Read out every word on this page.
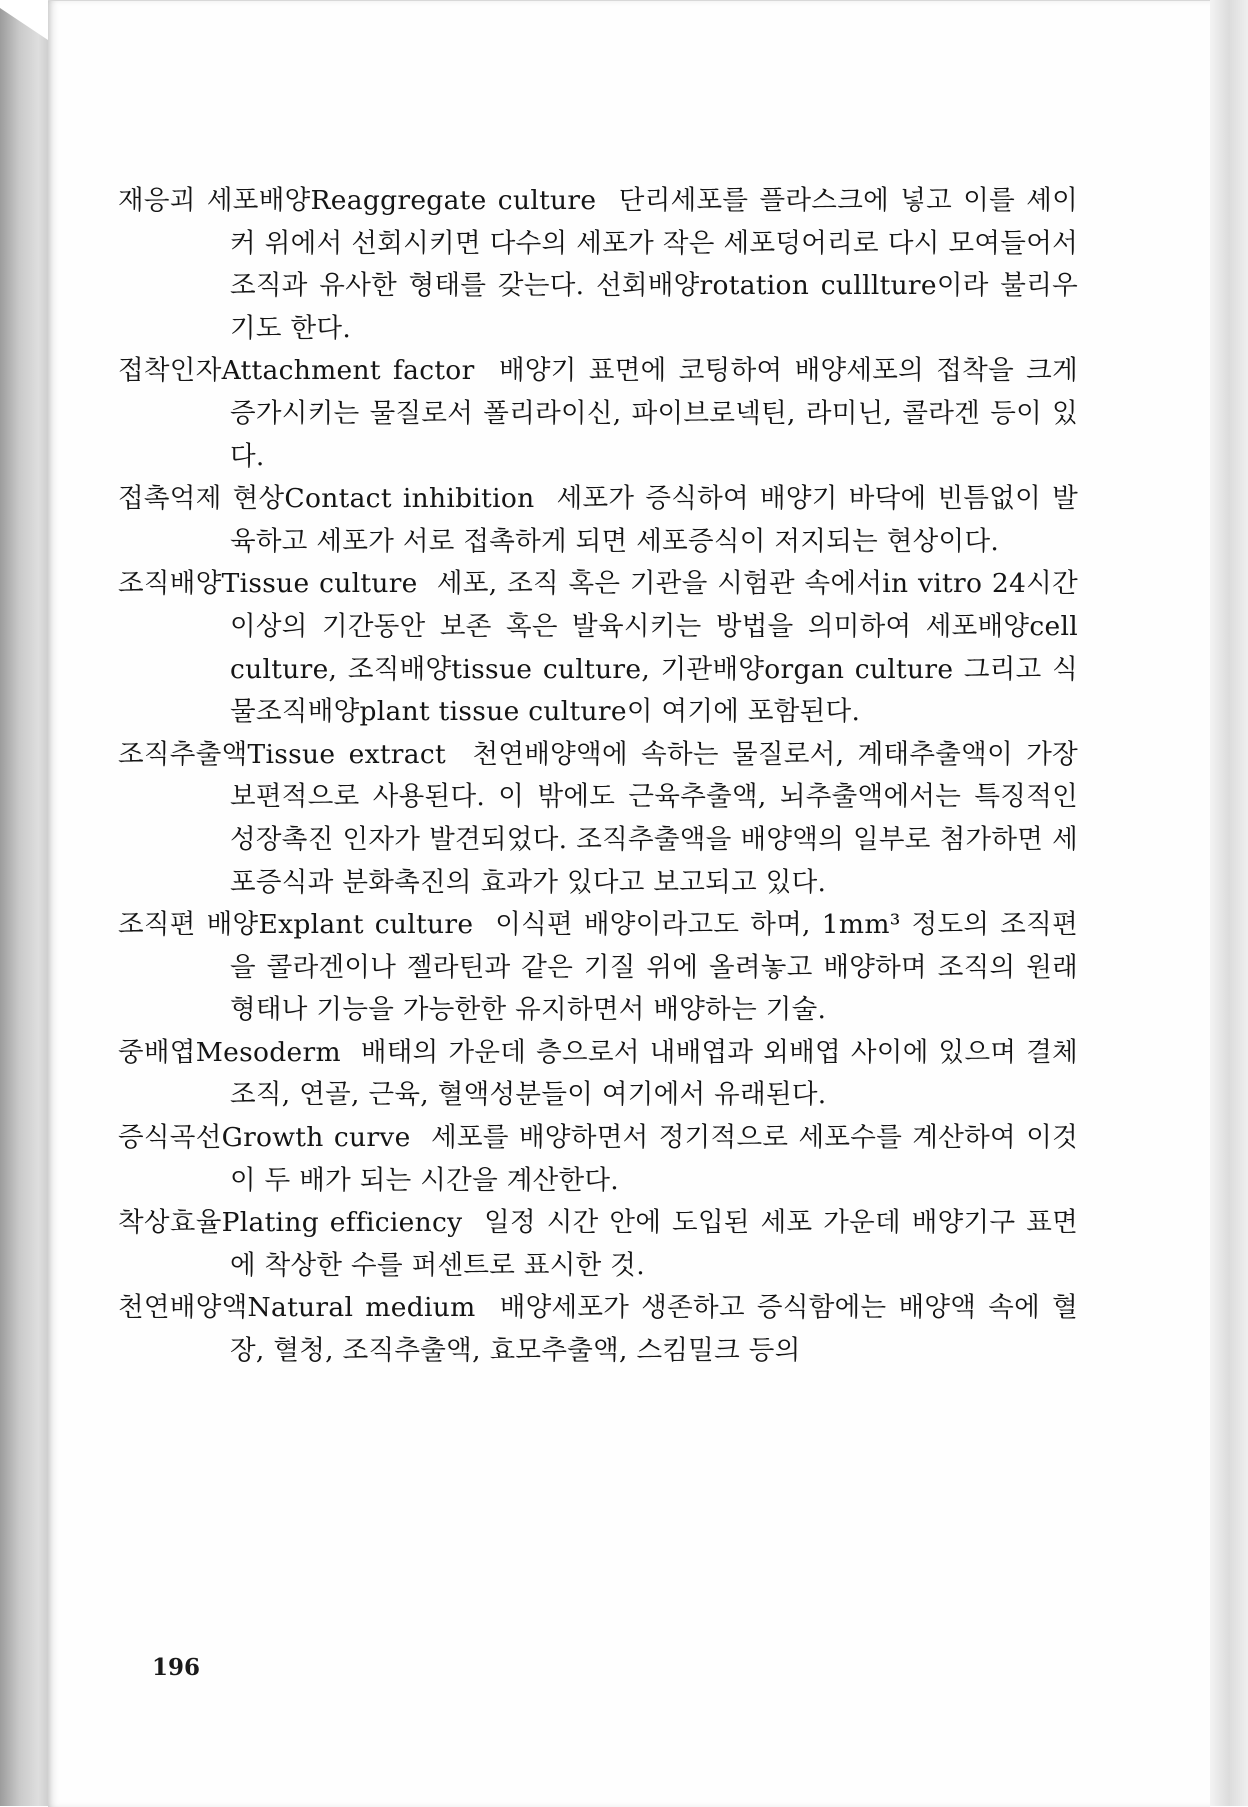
재응괴 세포배양Reaggregate culture 단리세포를 플라스크에 넣고 이를 셰이커 위에서 선회시키면 다수의 세포가 작은 세포덩어리로 다시 모여들어서 조직과 유사한 형태를 갖는다. 선회배양rotation culllture이라 불리우기도 한다.

접착인자Attachment factor 배양기 표면에 코팅하여 배양세포의 접착을 크게 증가시키는 물질로서 폴리라이신, 파이브로넥틴, 라미닌, 콜라겐 등이 있다.

접촉억제 현상Contact inhibition 세포가 증식하여 배양기 바닥에 빈틈없이 발육하고 세포가 서로 접촉하게 되면 세포증식이 저지되는 현상이다.

조직배양Tissue culture 세포, 조직 혹은 기관을 시험관 속에서in vitro 24시간 이상의 기간동안 보존 혹은 발육시키는 방법을 의미하여 세포배양cell culture, 조직배양tissue culture, 기관배양organ culture 그리고 식물조직배양plant tissue culture이 여기에 포함된다.

조직추출액Tissue extract 천연배양액에 속하는 물질로서, 계태추출액이 가장 보편적으로 사용된다. 이 밖에도 근육추출액, 뇌추출액에서는 특징적인 성장촉진 인자가 발견되었다. 조직추출액을 배양액의 일부로 첨가하면 세포증식과 분화촉진의 효과가 있다고 보고되고 있다.

조직편 배양Explant culture 이식편 배양이라고도 하며, 1mm³ 정도의 조직편을 콜라겐이나 젤라틴과 같은 기질 위에 올려놓고 배양하며 조직의 원래형태나 기능을 가능한한 유지하면서 배양하는 기술.

중배엽Mesoderm 배태의 가운데 층으로서 내배엽과 외배엽 사이에 있으며 결체조직, 연골, 근육, 혈액성분들이 여기에서 유래된다.

증식곡선Growth curve 세포를 배양하면서 정기적으로 세포수를 계산하여 이것이 두 배가 되는 시간을 계산한다.

착상효율Plating efficiency 일정 시간 안에 도입된 세포 가운데 배양기구 표면에 착상한 수를 퍼센트로 표시한 것.

천연배양액Natural medium 배양세포가 생존하고 증식함에는 배양액 속에 혈장, 혈청, 조직추출액, 효모추출액, 스킴밀크 등의

196
